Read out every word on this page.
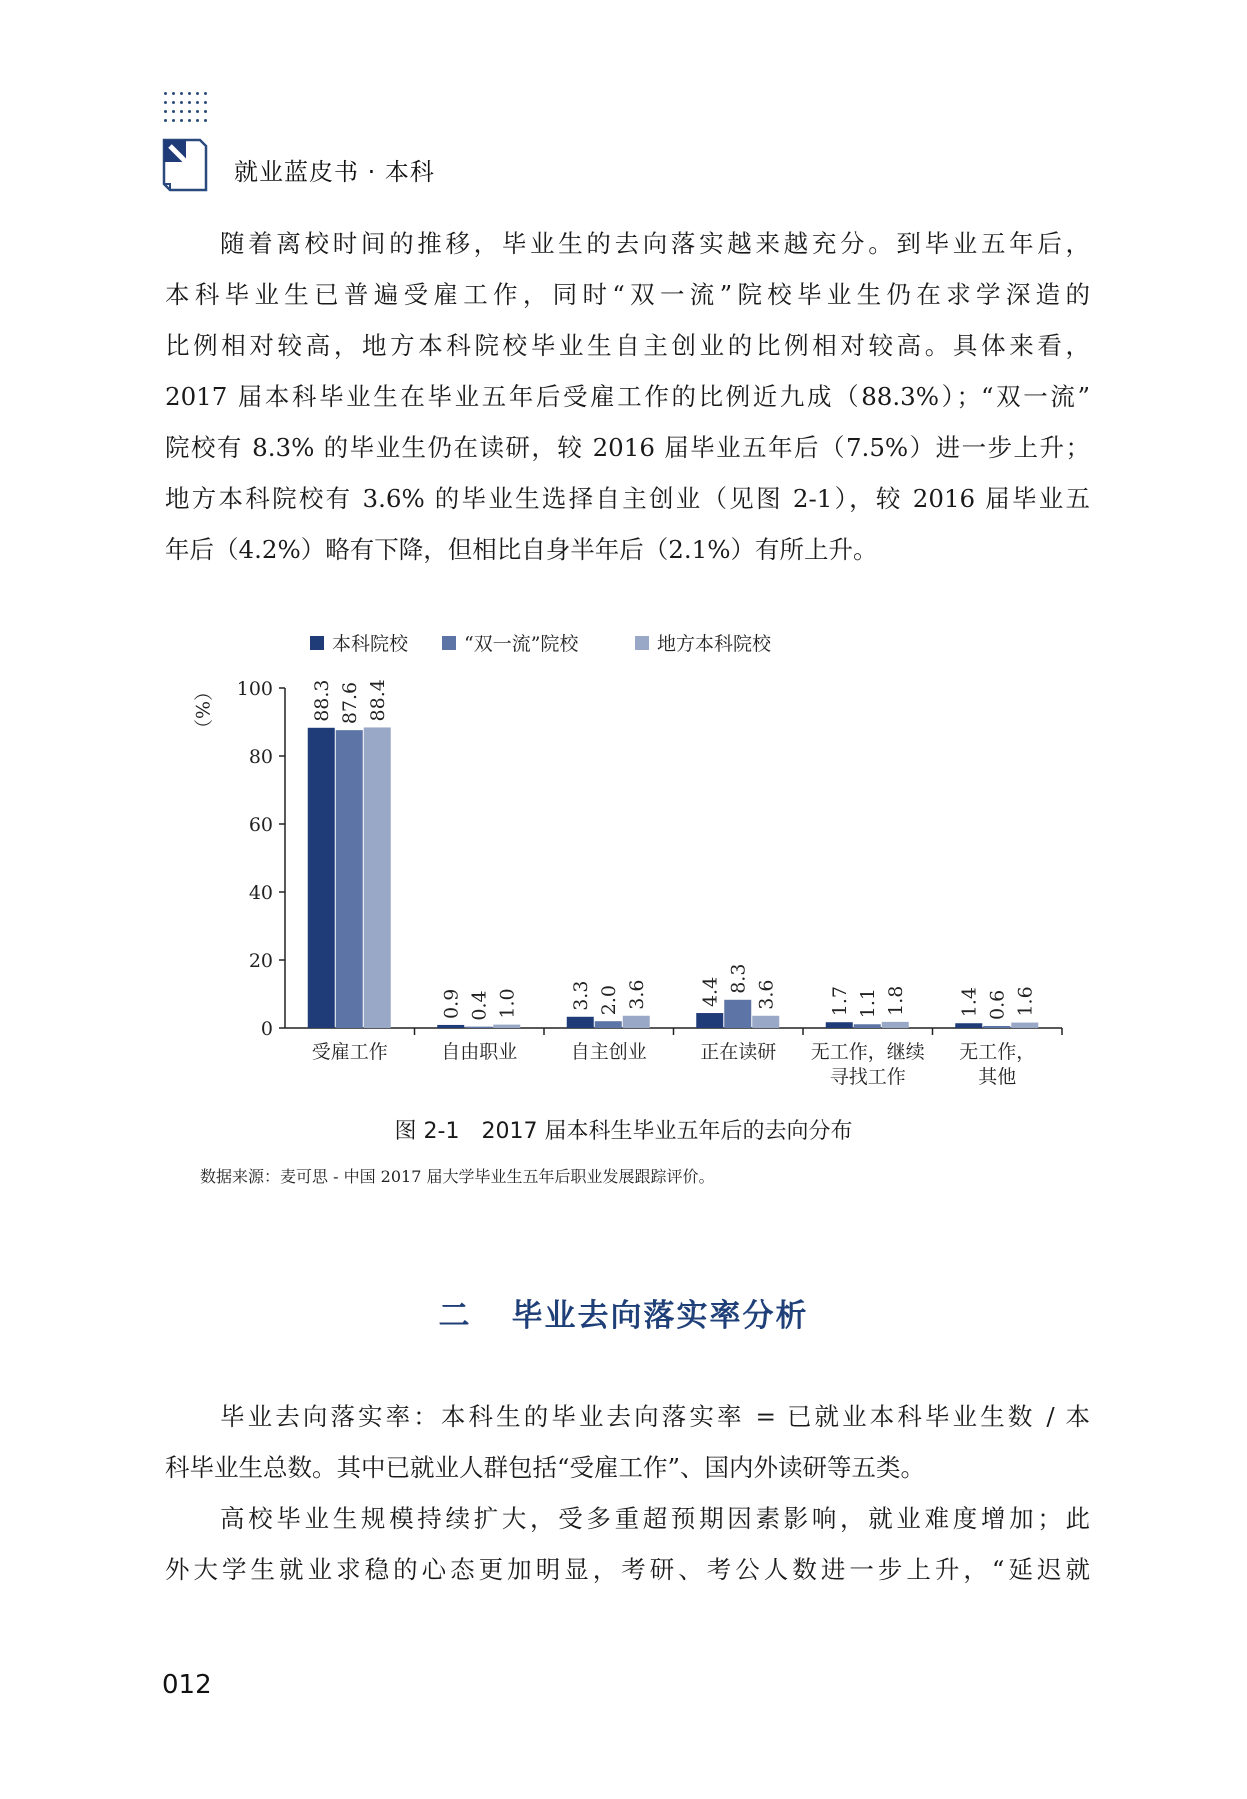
就业蓝皮书 · 本科
随着离校时间的推移，毕业生的去向落实越来越充分。到毕业五年后，
本科毕业生已普遍受雇工作，同时“双一流”院校毕业生仍在求学深造的
比例相对较高，地方本科院校毕业生自主创业的比例相对较高。具体来看，
2017 届本科毕业生在毕业五年后受雇工作的比例近九成（88.3%）；“双一流”
院校有 8.3% 的毕业生仍在读研，较 2016 届毕业五年后（7.5%）进一步上升；
地方本科院校有 3.6% 的毕业生选择自主创业（见图 2-1），较 2016 届毕业五
年后（4.2%）略有下降，但相比自身半年后（2.1%）有所上升。
本科院校	“双一流”院校	地方本科院校
（%）
0
20
40
60
80
100 88.3 87.6 88.4
受雇工作
0.9 0.4 1.0
自由职业
3.3 2.0 3.6
自主创业
4.4 8.3
3.6
正在读研
1.7 1.1 1.8
无工作，继续
寻找工作
1.4 0.6 1.6
无工作，
其他
图 2-1　2017 届本科生毕业五年后的去向分布
数据来源：麦可思 - 中国 2017 届大学毕业生五年后职业发展跟踪评价。
二 毕业去向落实率分析
毕业去向落实率：本科生的毕业去向落实率 = 已就业本科毕业生数 / 本
科毕业生总数。其中已就业人群包括“受雇工作”、国内外读研等五类。
高校毕业生规模持续扩大，受多重超预期因素影响，就业难度增加；此
外大学生就业求稳的心态更加明显，考研、考公人数进一步上升，“延迟就
012
